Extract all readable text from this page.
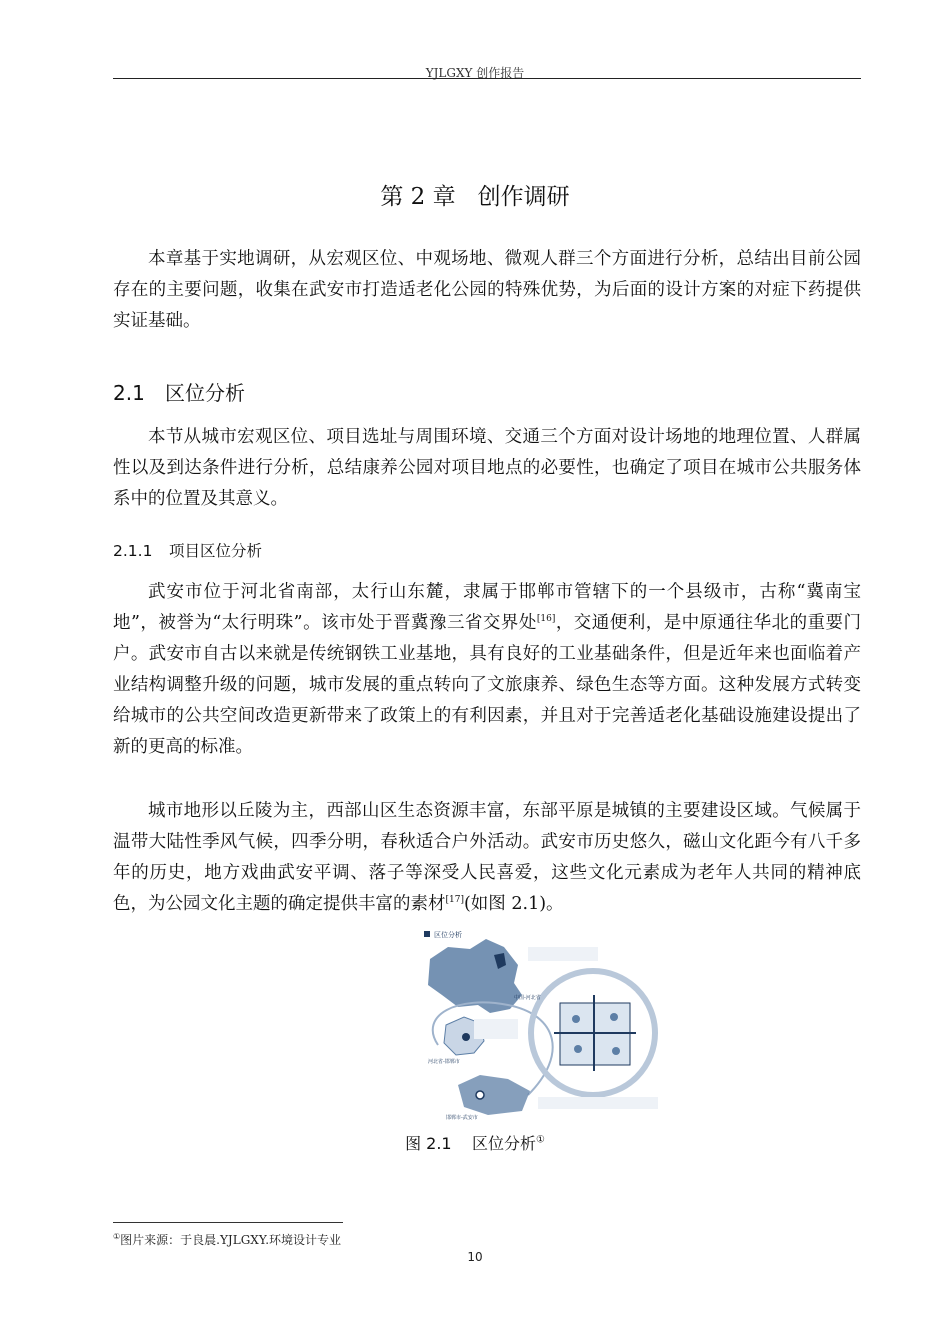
YJLGXY 创作报告
第 2 章 创作调研

本章基于实地调研，从宏观区位、中观场地、微观人群三个方面进行分析，总结出目前公园存在的主要问题，收集在武安市打造适老化公园的特殊优势，为后面的设计方案的对症下药提供实证基础。

2.1 区位分析

本节从城市宏观区位、项目选址与周围环境、交通三个方面对设计场地的地理位置、人群属性以及到达条件进行分析，总结康养公园对项目地点的必要性，也确定了项目在城市公共服务体系中的位置及其意义。

2.1.1 项目区位分析

武安市位于河北省南部，太行山东麓，隶属于邯郸市管辖下的一个县级市，古称“冀南宝地”，被誉为“太行明珠”。该市处于晋冀豫三省交界处[16]，交通便利，是中原通往华北的重要门户。武安市自古以来就是传统钢铁工业基地，具有良好的工业基础条件，但是近年来也面临着产业结构调整升级的问题，城市发展的重点转向了文旅康养、绿色生态等方面。这种发展方式转变给城市的公共空间改造更新带来了政策上的有利因素，并且对于完善适老化基础设施建设提出了新的更高的标准。

城市地形以丘陵为主，西部山区生态资源丰富，东部平原是城镇的主要建设区域。气候属于温带大陆性季风气候，四季分明，春秋适合户外活动。武安市历史悠久，磁山文化距今有八千多年的历史，地方戏曲武安平调、落子等深受人民喜爱，这些文化元素成为老年人共同的精神底色，为公园文化主题的确定提供丰富的素材[17](如图 2.1)。

区位分析
中国-河北省
河北省-邯郸市
邯郸市-武安市
图 2.1 区位分析①
①图片来源：于良晨.YJLGXY.环境设计专业
10
